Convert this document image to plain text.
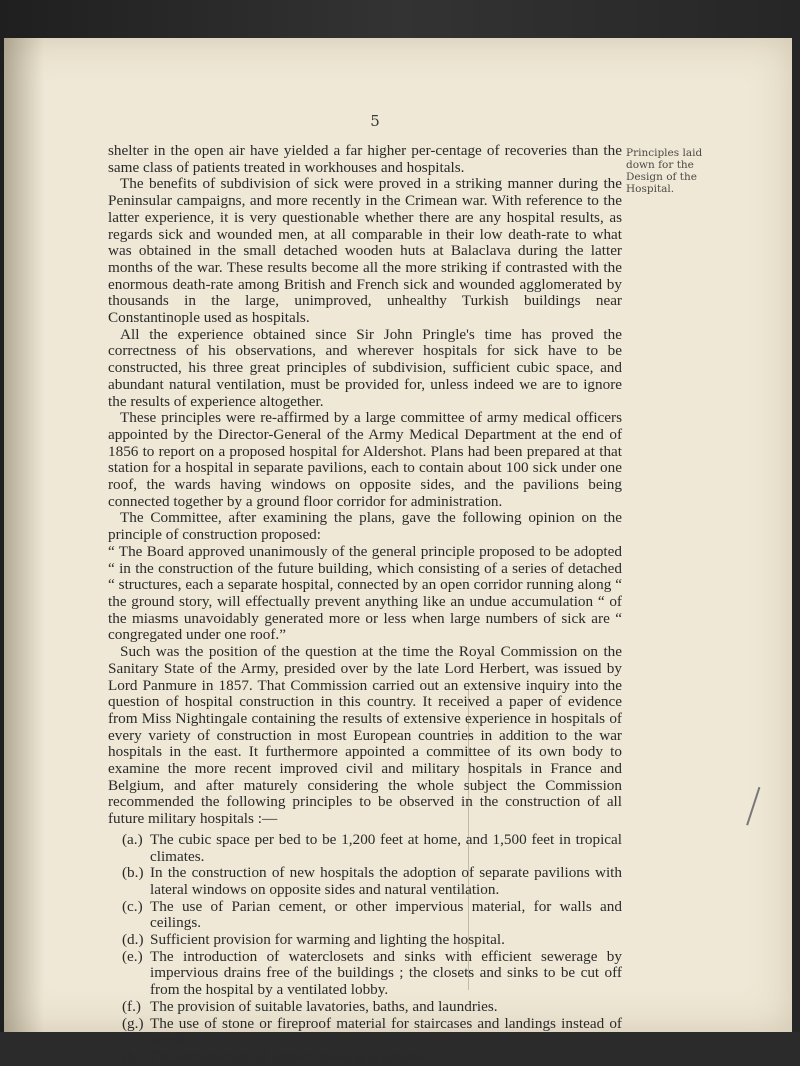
5
Principles laid down for the Design of the Hospital.

shelter in the open air have yielded a far higher per-centage of recoveries than the same class of patients treated in workhouses and hospitals.

The benefits of subdivision of sick were proved in a striking manner during the Peninsular campaigns, and more recently in the Crimean war. With reference to the latter experience, it is very questionable whether there are any hospital results, as regards sick and wounded men, at all comparable in their low death-rate to what was obtained in the small detached wooden huts at Balaclava during the latter months of the war. These results become all the more striking if contrasted with the enormous death-rate among British and French sick and wounded agglomerated by thousands in the large, unimproved, unhealthy Turkish buildings near Constantinople used as hospitals.

All the experience obtained since Sir John Pringle's time has proved the correctness of his observations, and wherever hospitals for sick have to be constructed, his three great principles of subdivision, sufficient cubic space, and abundant natural ventilation, must be provided for, unless indeed we are to ignore the results of experience altogether.

These principles were re-affirmed by a large committee of army medical officers appointed by the Director-General of the Army Medical Department at the end of 1856 to report on a proposed hospital for Aldershot. Plans had been prepared at that station for a hospital in separate pavilions, each to contain about 100 sick under one roof, the wards having windows on opposite sides, and the pavilions being connected together by a ground floor corridor for administration.

The Committee, after examining the plans, gave the following opinion on the principle of construction proposed:

“ The Board approved unanimously of the general principle proposed to be adopted “ in the construction of the future building, which consisting of a series of detached “ structures, each a separate hospital, connected by an open corridor running along “ the ground story, will effectually prevent anything like an undue accumulation “ of the miasms unavoidably generated more or less when large numbers of sick are “ congregated under one roof.”

Such was the position of the question at the time the Royal Commission on the Sanitary State of the Army, presided over by the late Lord Herbert, was issued by Lord Panmure in 1857. That Commission carried out an extensive inquiry into the question of hospital construction in this country. It received a paper of evidence from Miss Nightingale containing the results of extensive experience in hospitals of every variety of construction in most European countries in addition to the war hospitals in the east. It furthermore appointed a committee of its own body to examine the more recent improved civil and military hospitals in France and Belgium, and after maturely considering the whole subject the Commission recommended the following principles to be observed in the construction of all future military hospitals :—

(a.) The cubic space per bed to be 1,200 feet at home, and 1,500 feet in tropical climates.
(b.) In the construction of new hospitals the adoption of separate pavilions with lateral windows on opposite sides and natural ventilation.
(c.) The use of Parian cement, or other impervious material, for walls and ceilings.
(d.) Sufficient provision for warming and lighting the hospital.
(e.) The introduction of waterclosets and sinks with efficient sewerage by impervious drains free of the buildings ; the closets and sinks to be cut off from the hospital by a ventilated lobby.
(f.) The provision of suitable lavatories, baths, and laundries.
(g.) The use of stone or fireproof material for staircases and landings instead of wood.
(h.) The introduction of proper cooking apparatus.
